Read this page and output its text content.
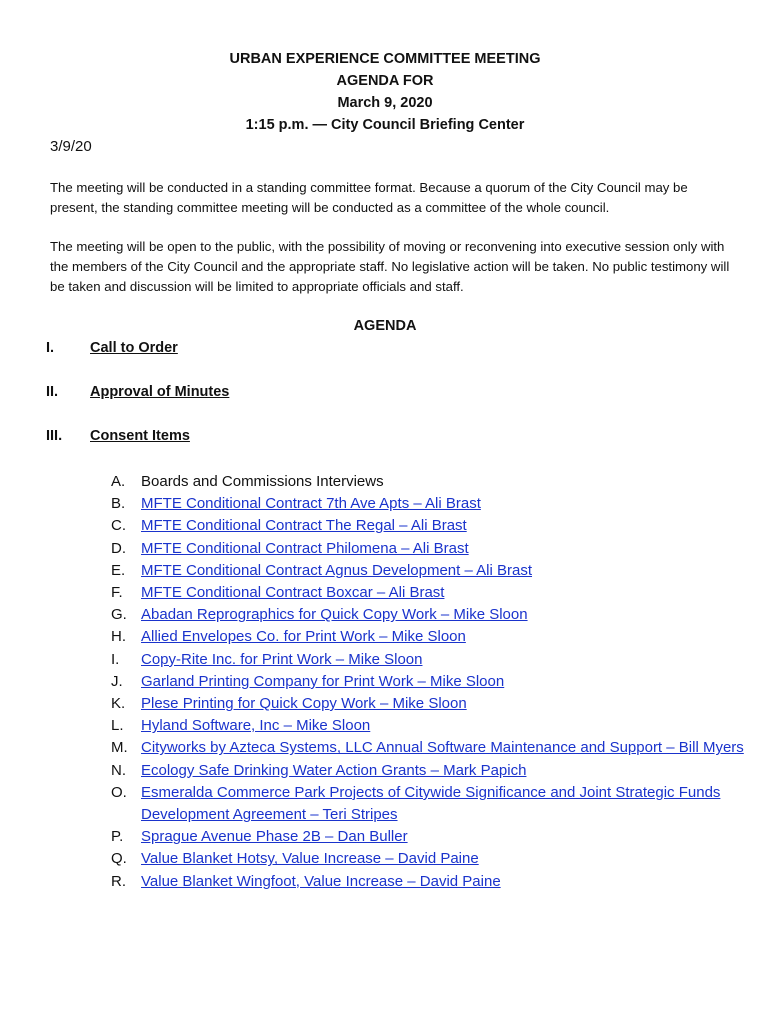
URBAN EXPERIENCE COMMITTEE MEETING
AGENDA FOR
March 9, 2020
1:15 p.m. — City Council Briefing Center
3/9/20
The meeting will be conducted in a standing committee format. Because a quorum of the City Council may be present, the standing committee meeting will be conducted as a committee of the whole council.
The meeting will be open to the public, with the possibility of moving or reconvening into executive session only with the members of the City Council and the appropriate staff. No legislative action will be taken. No public testimony will be taken and discussion will be limited to appropriate officials and staff.
AGENDA
I.	Call to Order
II.	Approval of Minutes
III.	Consent Items
A.	Boards and Commissions Interviews
B.	MFTE Conditional Contract 7th Ave Apts – Ali Brast
C.	MFTE Conditional Contract The Regal – Ali Brast
D.	MFTE Conditional Contract Philomena – Ali Brast
E.	MFTE Conditional Contract Agnus Development – Ali Brast
F.	MFTE Conditional Contract Boxcar – Ali Brast
G. Abadan Reprographics for Quick Copy Work – Mike Sloon
H.	Allied Envelopes Co. for Print Work – Mike Sloon
I.	Copy-Rite Inc. for Print Work – Mike Sloon
J.	Garland Printing Company for Print Work – Mike Sloon
K.	Plese Printing for Quick Copy Work – Mike Sloon
L.	Hyland Software, Inc – Mike Sloon
M. Cityworks by Azteca Systems, LLC Annual Software Maintenance and Support – Bill Myers
N.	Ecology Safe Drinking Water Action Grants – Mark Papich
O. Esmeralda Commerce Park Projects of Citywide Significance and Joint Strategic Funds Development Agreement – Teri Stripes
P.	Sprague Avenue Phase 2B – Dan Buller
Q. Value Blanket Hotsy, Value Increase – David Paine
R.	Value Blanket Wingfoot, Value Increase – David Paine
